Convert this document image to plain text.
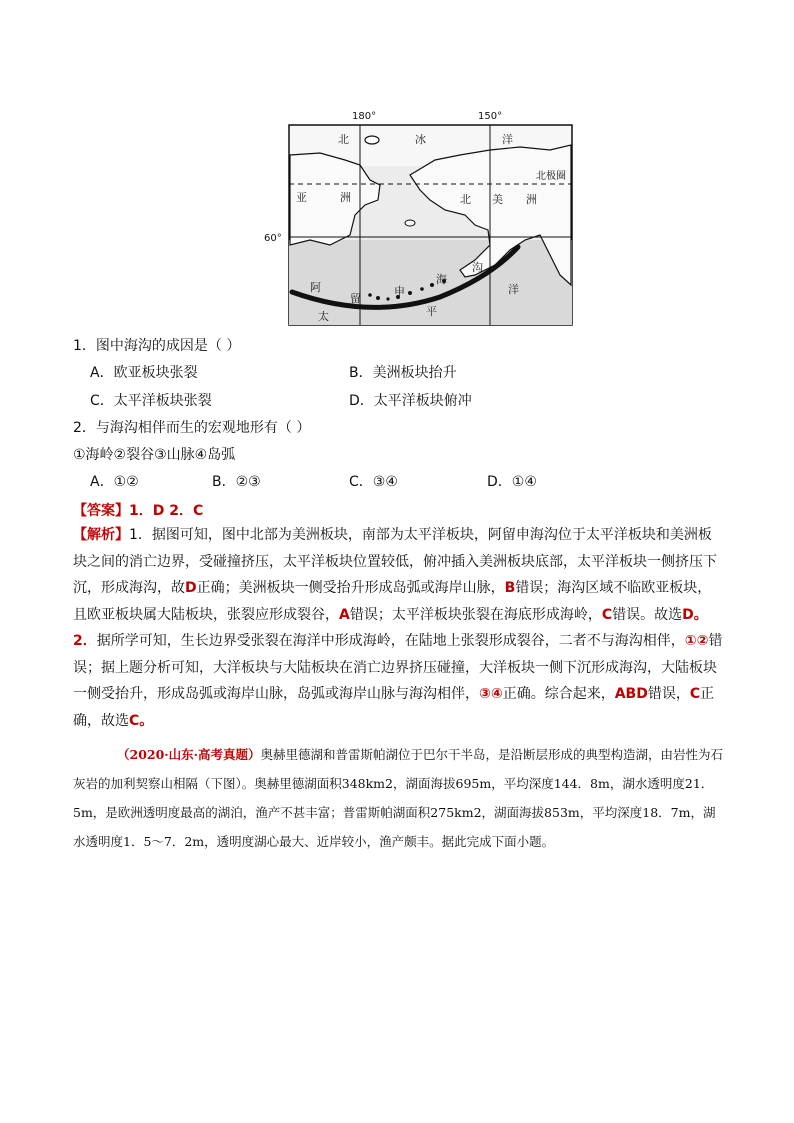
180°	150°
60°
北极圈
北	冰	洋
亚	洲	北 美 洲
阿
留
申
海
沟
洋
太	平
1．图中海沟的成因是（ ）
A．欧亚板块张裂	B．美洲板块抬升
C．太平洋板块张裂	D．太平洋板块俯冲
2．与海沟相伴而生的宏观地形有（ ）
①海岭②裂谷③山脉④岛弧
A．①②	B．②③	C．③④	D．①④
【答案】1．D 2．C
【解析】1．据图可知，图中北部为美洲板块，南部为太平洋板块，阿留申海沟位于太平洋板块和美洲板块之间的消亡边界，受碰撞挤压，太平洋板块位置较低，俯冲插入美洲板块底部，太平洋板块一侧挤压下沉，形成海沟，故D正确；美洲板块一侧受抬升形成岛弧或海岸山脉，B错误；海沟区域不临欧亚板块，且欧亚板块属大陆板块，张裂应形成裂谷，A错误；太平洋板块张裂在海底形成海岭，C错误。故选D。
2．据所学可知，生长边界受张裂在海洋中形成海岭，在陆地上张裂形成裂谷，二者不与海沟相伴，①②错误；据上题分析可知，大洋板块与大陆板块在消亡边界挤压碰撞，大洋板块一侧下沉形成海沟，大陆板块一侧受抬升，形成岛弧或海岸山脉，岛弧或海岸山脉与海沟相伴，③④正确。综合起来，ABD错误，C正确，故选C。
（2020·山东·高考真题）奥赫里德湖和普雷斯帕湖位于巴尔干半岛，是沿断层形成的典型构造湖，由岩性为石灰岩的加利契察山相隔（下图）。奥赫里德湖面积348km2，湖面海拔695m，平均深度144．8m，湖水透明度21．5m，是欧洲透明度最高的湖泊，渔产不甚丰富；普雷斯帕湖面积275km2，湖面海拔853m，平均深度18．7m，湖水透明度1．5～7．2m，透明度湖心最大、近岸较小，渔产颇丰。据此完成下面小题。
